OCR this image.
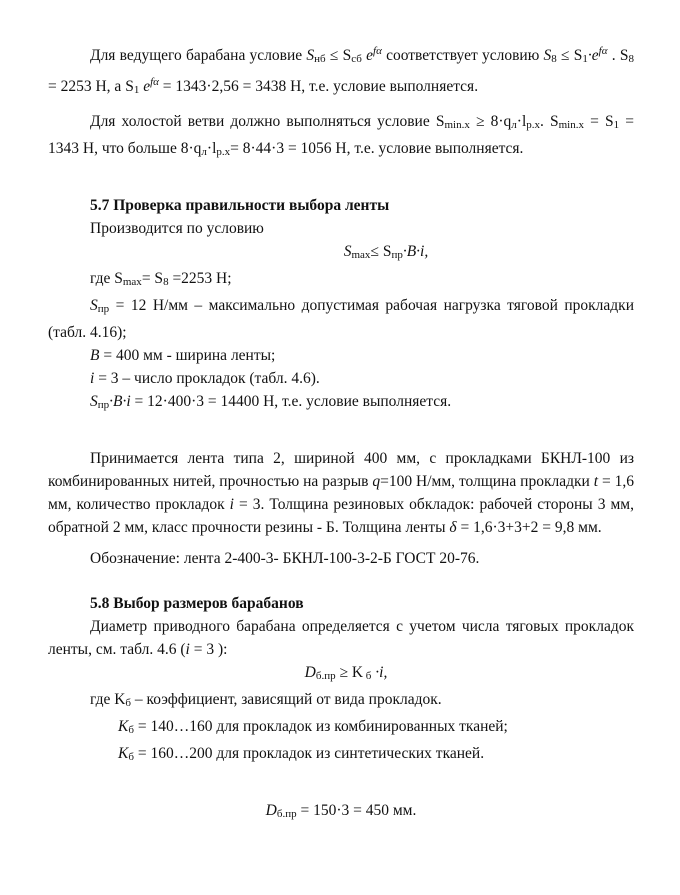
Для ведущего барабана условие Sнб ≤ Sсб $e^{f\alpha}$ соответствует условию $S8 \le S1\cdot e^{f\alpha}$ . S8 = 2253 Н, а S1 $e^{f\alpha} = 1343\cdot 2,56 = 3438$ Н, т.е. условие выполняется.

Для холостой ветви должно выполняться условие Smin.x ≥ 8·qл·lp.x. Smin.x = S1 = 1343 Н, что больше 8·qл·lp.x= 8·44·3 = 1056 Н, т.е. условие выполняется.

5.7 Проверка правильности выбора ленты

Производится по условию

Smax≤ Sпр·B·i,

где Smax= S8 =2253 Н;

Sпр = 12 Н/мм – максимально допустимая рабочая нагрузка тяговой прокладки (табл. 4.16);

B = 400 мм - ширина ленты;

i = 3 – число прокладок (табл. 4.6).

Sпр·B·i = 12·400·3 = 14400 Н, т.е. условие выполняется.

Принимается лента типа 2, шириной 400 мм, с прокладками БКНЛ-100 из комбинированных нитей, прочностью на разрыв q=100 Н/мм, толщина прокладки t = 1,6 мм, количество прокладок i = 3. Толщина резиновых обкладок: рабочей стороны 3 мм, обратной 2 мм, класс прочности резины - Б. Толщина ленты δ = 1,6·3+3+2 = 9,8 мм.

Обозначение: лента 2-400-3- БКНЛ-100-3-2-Б ГОСТ 20-76.

5.8 Выбор размеров барабанов

Диаметр приводного барабана определяется с учетом числа тяговых прокладок ленты, см. табл. 4.6 (i = 3 ):

Dб.пр ≥ K б ·i,

где Kб – коэффициент, зависящий от вида прокладок.

Kб = 140…160 для прокладок из комбинированных тканей;

Kб = 160…200 для прокладок из синтетических тканей.

Dб.пр = 150·3 = 450 мм.
